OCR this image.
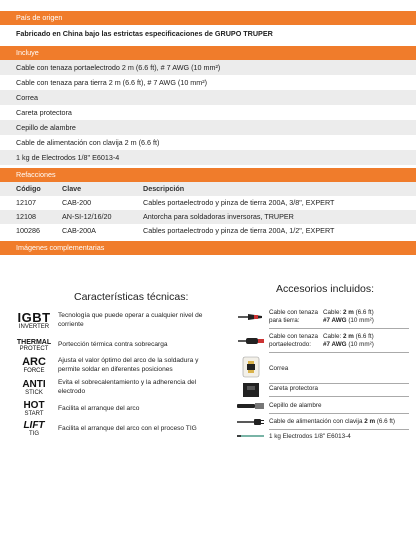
País de origen
Fabricado en China bajo las estrictas especificaciones de GRUPO TRUPER
Incluye
Cable con tenaza portaelectrodo 2 m (6.6 ft), # 7 AWG (10 mm²)
Cable con tenaza para tierra 2 m (6.6 ft), # 7 AWG (10 mm²)
Correa
Careta protectora
Cepillo de alambre
Cable de alimentación con clavija 2 m (6.6 ft)
1 kg de Electrodos 1/8" E6013-4
Refacciones
Código	Clave	Descripción
12107	CAB-200	Cables portaelectrodo y pinza de tierra 200A, 3/8", EXPERT
12108	AN-SI-12/16/20	Antorcha para soldadoras inversoras, TRUPER
100286	CAB-200A	Cables portaelectrodo y pinza de tierra 200A, 1/2", EXPERT
Imágenes complementarias
Características técnicas:
IGBT
INVERTER
Tecnología que puede operar a cualquier nivel de corriente
THERMAL
PROTECT
Portección térmica contra sobrecarga
ARC
FORCE
Ajusta el valor óptimo del arco de la soldadura y permite soldar en diferentes posiciones
ANTI
STICK
Evita el sobrecalentamiento y la adherencia del electrodo
HOT
START
Facilita el arranque del arco
LIFT
TIG
Facilita el arranque del arco con el proceso TIG
Accesorios incluidos:
Cable con tenaza
para tierra:
Cable: 2 m (6.6 ft)
#7 AWG (10 mm²)
Cable con tenaza
portaelectrodo:
Cable: 2 m (6.6 ft)
#7 AWG (10 mm²)
Correa
Careta protectora
Cepillo de alambre
Cable de alimentación con clavija 2 m (6.6 ft)
1 kg Electrodos 1/8" E6013-4
